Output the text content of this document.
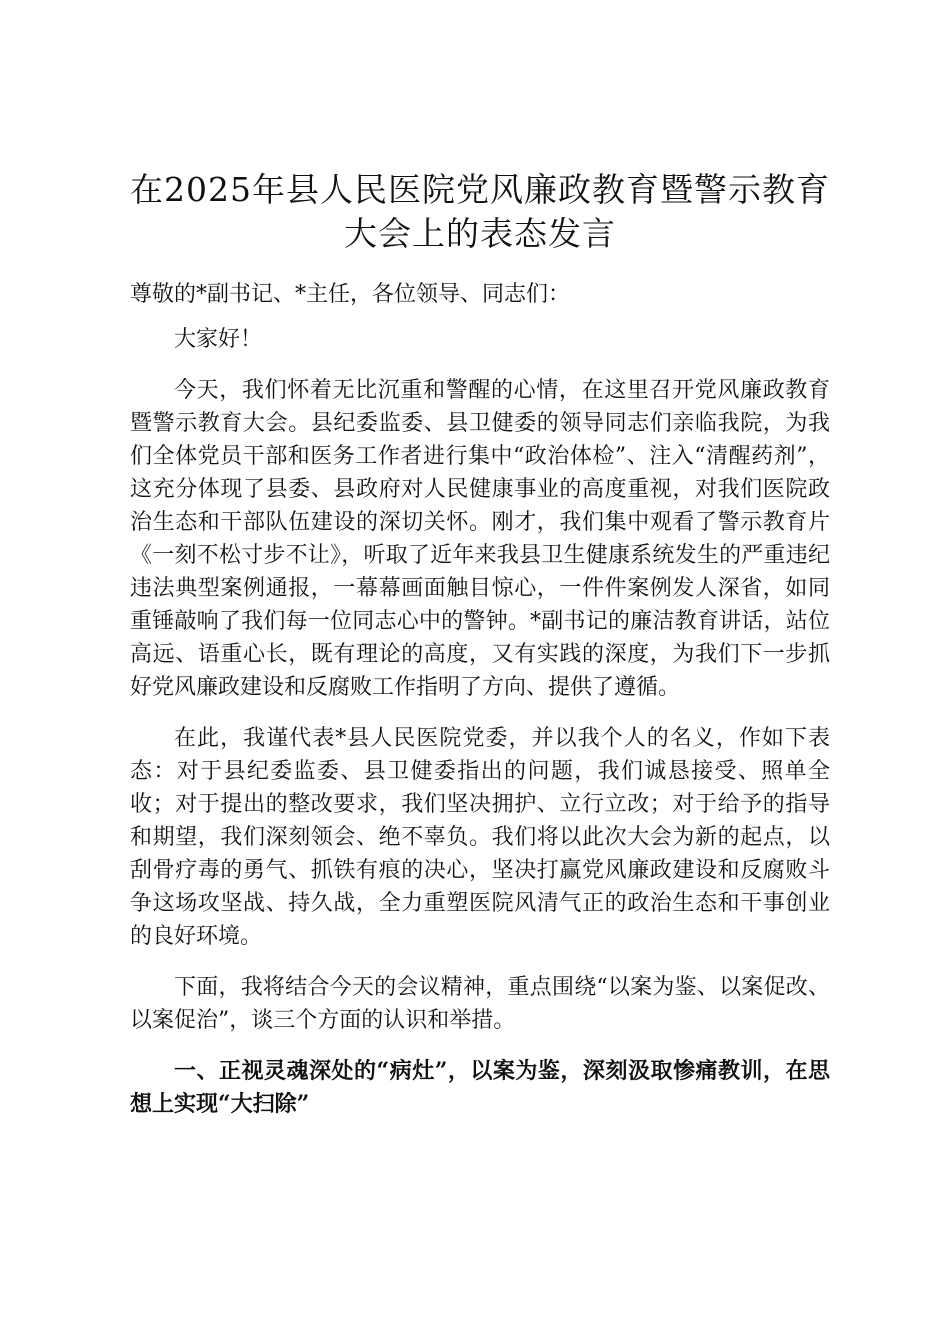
在2025年县人民医院党风廉政教育暨警示教育大会上的表态发言

尊敬的*副书记、*主任，各位领导、同志们：

大家好！

今天，我们怀着无比沉重和警醒的心情，在这里召开党风廉政教育暨警示教育大会。县纪委监委、县卫健委的领导同志们亲临我院，为我们全体党员干部和医务工作者进行集中“政治体检”、注入“清醒药剂”，这充分体现了县委、县政府对人民健康事业的高度重视，对我们医院政治生态和干部队伍建设的深切关怀。刚才，我们集中观看了警示教育片《一刻不松寸步不让》，听取了近年来我县卫生健康系统发生的严重违纪违法典型案例通报，一幕幕画面触目惊心，一件件案例发人深省，如同重锤敲响了我们每一位同志心中的警钟。*副书记的廉洁教育讲话，站位高远、语重心长，既有理论的高度，又有实践的深度，为我们下一步抓好党风廉政建设和反腐败工作指明了方向、提供了遵循。

在此，我谨代表*县人民医院党委，并以我个人的名义，作如下表态：对于县纪委监委、县卫健委指出的问题，我们诚恳接受、照单全收；对于提出的整改要求，我们坚决拥护、立行立改；对于给予的指导和期望，我们深刻领会、绝不辜负。我们将以此次大会为新的起点，以刮骨疗毒的勇气、抓铁有痕的决心，坚决打赢党风廉政建设和反腐败斗争这场攻坚战、持久战，全力重塑医院风清气正的政治生态和干事创业的良好环境。

下面，我将结合今天的会议精神，重点围绕“以案为鉴、以案促改、以案促治”，谈三个方面的认识和举措。

一、正视灵魂深处的“病灶”，以案为鉴，深刻汲取惨痛教训，在思想上实现“大扫除”
